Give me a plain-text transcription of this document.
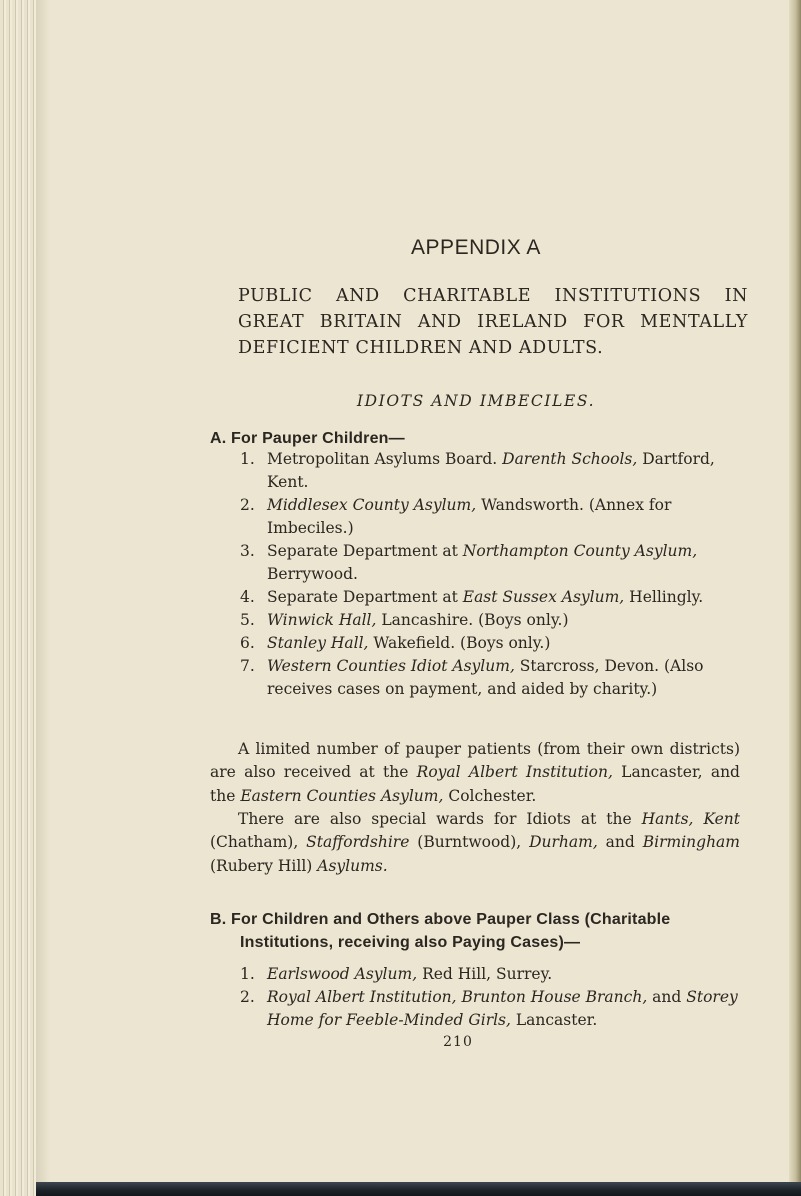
APPENDIX A
PUBLIC AND CHARITABLE INSTITUTIONS IN GREAT BRITAIN AND IRELAND FOR MENTALLY DEFICIENT CHILDREN AND ADULTS.
IDIOTS AND IMBECILES.
A. For Pauper Children—
1. Metropolitan Asylums Board. Darenth Schools, Dartford, Kent.
2. Middlesex County Asylum, Wandsworth. (Annex for Imbeciles.)
3. Separate Department at Northampton County Asylum, Berrywood.
4. Separate Department at East Sussex Asylum, Hellingly.
5. Winwick Hall, Lancashire. (Boys only.)
6. Stanley Hall, Wakefield. (Boys only.)
7. Western Counties Idiot Asylum, Starcross, Devon. (Also receives cases on payment, and aided by charity.)

A limited number of pauper patients (from their own districts) are also received at the Royal Albert Institution, Lancaster, and the Eastern Counties Asylum, Colchester.

There are also special wards for Idiots at the Hants, Kent (Chatham), Staffordshire (Burntwood), Durham, and Birmingham (Rubery Hill) Asylums.

B. For Children and Others above Pauper Class (Charitable
Institutions, receiving also Paying Cases)—
1. Earlswood Asylum, Red Hill, Surrey.
2. Royal Albert Institution, Brunton House Branch, and Storey Home for Feeble-Minded Girls, Lancaster.
210
